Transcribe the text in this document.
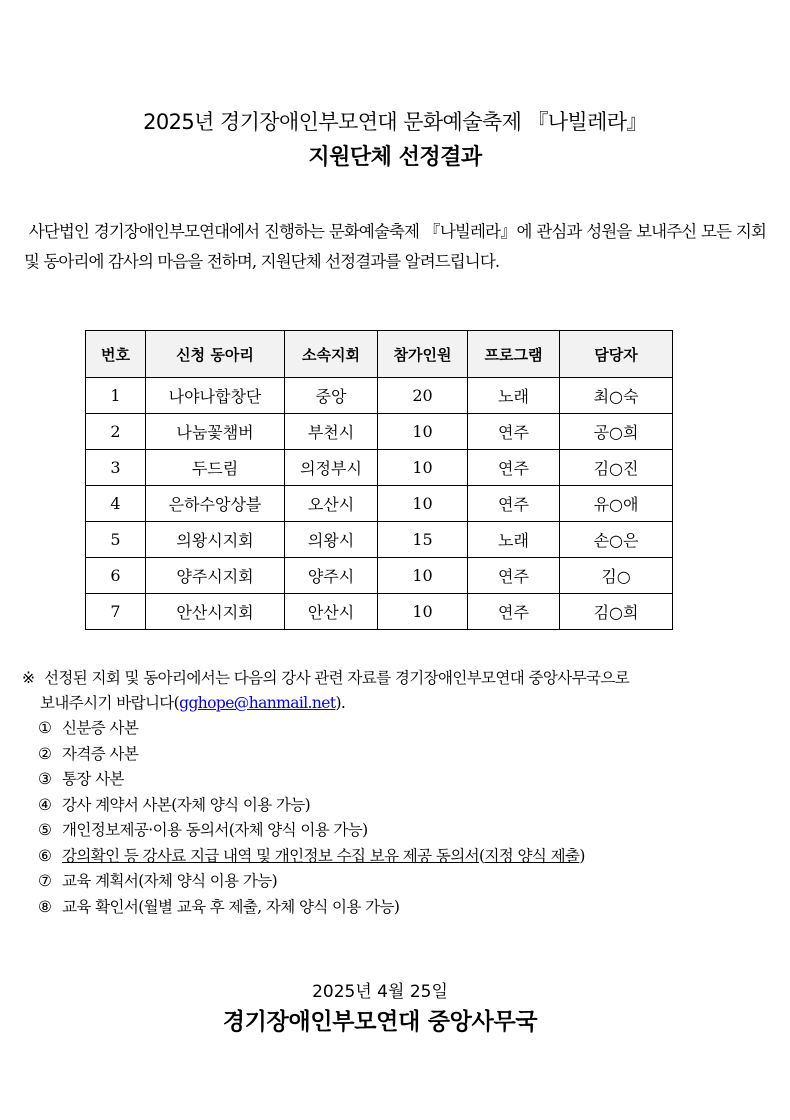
2025년 경기장애인부모연대 문화예술축제 『나빌레라』
지원단체 선정결과
사단법인 경기장애인부모연대에서 진행하는 문화예술축제 『나빌레라』에 관심과 성원을 보내주신 모든 지회 및 동아리에 감사의 마음을 전하며, 지원단체 선정결과를 알려드립니다.
번호	신청 동아리	소속지회	참가인원	프로그램	담당자
1	나야나합창단	중앙	20	노래	최○숙
2	나눔꽃챔버	부천시	10	연주	공○희
3	두드림	의정부시	10	연주	김○진
4	은하수앙상블	오산시	10	연주	유○애
5	의왕시지회	의왕시	15	노래	손○은
6	양주시지회	양주시	10	연주	김○
7	안산시지회	안산시	10	연주	김○희
※ 선정된 지회 및 동아리에서는 다음의 강사 관련 자료를 경기장애인부모연대 중앙사무국으로
보내주시기 바랍니다(gghope@hanmail.net).
① 신분증 사본
② 자격증 사본
③ 통장 사본
④ 강사 계약서 사본(자체 양식 이용 가능)
⑤ 개인정보제공·이용 동의서(자체 양식 이용 가능)
⑥ 강의확인 등 강사료 지급 내역 및 개인정보 수집 보유 제공 동의서(지정 양식 제출)
⑦ 교육 계획서(자체 양식 이용 가능)
⑧ 교육 확인서(월별 교육 후 제출, 자체 양식 이용 가능)
2025년 4월 25일
경기장애인부모연대 중앙사무국
